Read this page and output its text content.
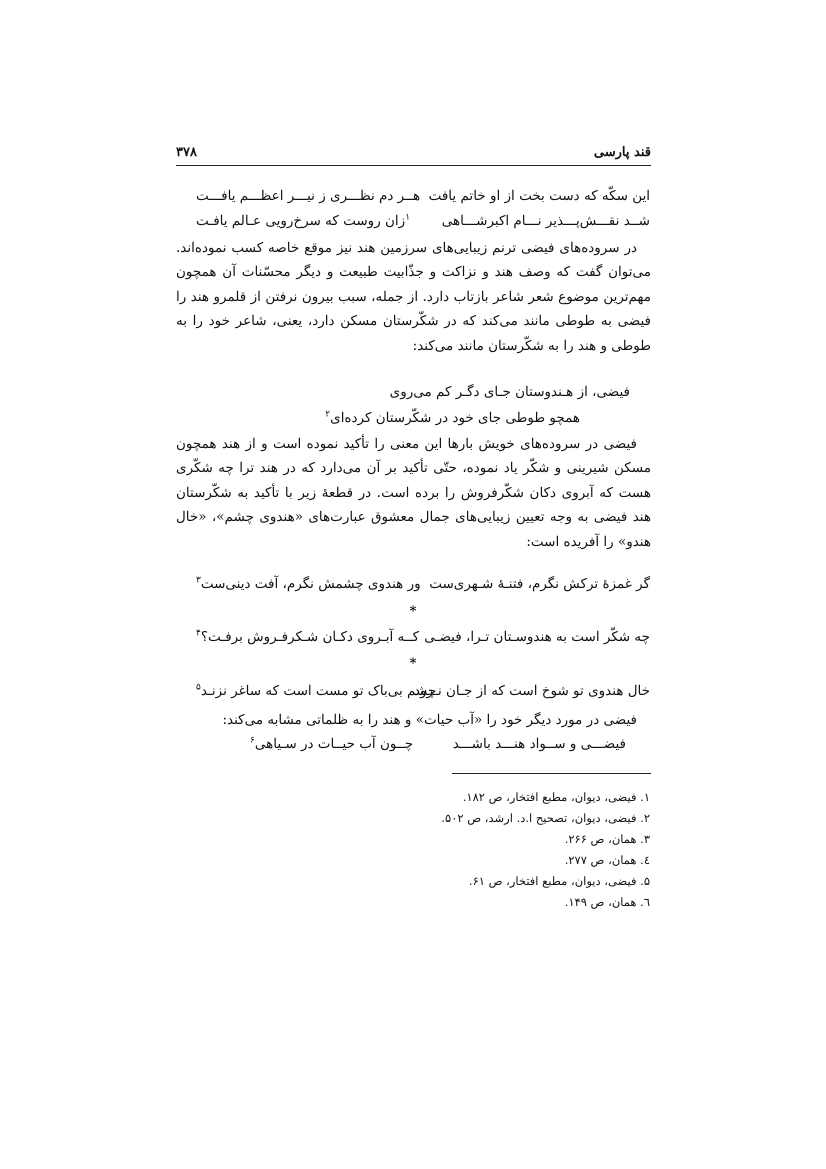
قند پارسی
۳۷۸
این سکّه که دست بخت از او خاتم یافت
هــر دم نظـــری ز نیـــر اعظـــم یافـــت
شــد نقـــش‌پـــذیر نـــام اکبرشـــاهی
$^۱$زان روست که سرخ‌رویی عـالم یافـت

در سروده‌های فیضی ترنم زیبایی‌های سرزمین هند نیز موقع خاصه کسب نموده‌اند. می‌توان گفت که وصف هند و نزاکت و جذّابیت طبیعت و دیگر محسّنات آن همچون مهم‌ترین موضوع شعر شاعر بازتاب دارد. از جمله، سبب بیرون نرفتن از قلمرو هند را فیضی به طوطی مانند می‌کند که در شکّرستان مسکن دارد، یعنی، شاعر خود را به طوطی و هند را به شکّرستان مانند می‌کند:

فیضی، از هـندوستان جـای دگـر کم می‌روی
همچو طوطی جای خود در شکّرستان کرده‌ای$^۲$

فیضی در سروده‌های خویش بارها این معنی را تأکید نموده است و از هند همچون مسکن شیرینی و شکّر یاد نموده، حتّی تأکید بر آن می‌دارد که در هند ترا چه شکّری هست که آبروی دکان شکّرفروش را برده است. در قطعهٔ زیر با تأکید به شکّرستان هند فیضی به وجه تعیین زیبایی‌های جمال معشوق عبارت‌های «هندوی چشم»، «خال هندو» را آفریده است:

گر غمزهٔ ترکش نگرم، فتنـهٔ شـهری‌ست
ور هندوی چشمش نگرم، آفت دینی‌ست$^۳$
*
چه شکّر است به هندوسـتان تـرا، فیضـی
کــه آبـروی دکـان شـکرفـروش برفـت؟$^۴$
*
خال هندوی تو شوخ است که از جـان نـرود
چشم بی‌باک تو مست است که ساغر نزنـد$^۵$

فیضی در مورد دیگر خود را «آب حیات» و هند را به ظلماتی مشابه می‌کند:

فیضـــی و ســواد هنـــد باشـــد
چــون آب حیــات در سـیاهی$^۶$
۱. فیضی، دیوان، مطبع افتخار، ص ۱۸۲.
۲. فیضی، دیوان، تصحیح ا.د. ارشد، ص ۵۰۲.
۳. همان، ص ۲۶۶.
٤. همان، ص ۲۷۷.
۵. فیضی، دیوان، مطبع افتخار، ص ۶۱.
٦. همان، ص ۱۴۹.
